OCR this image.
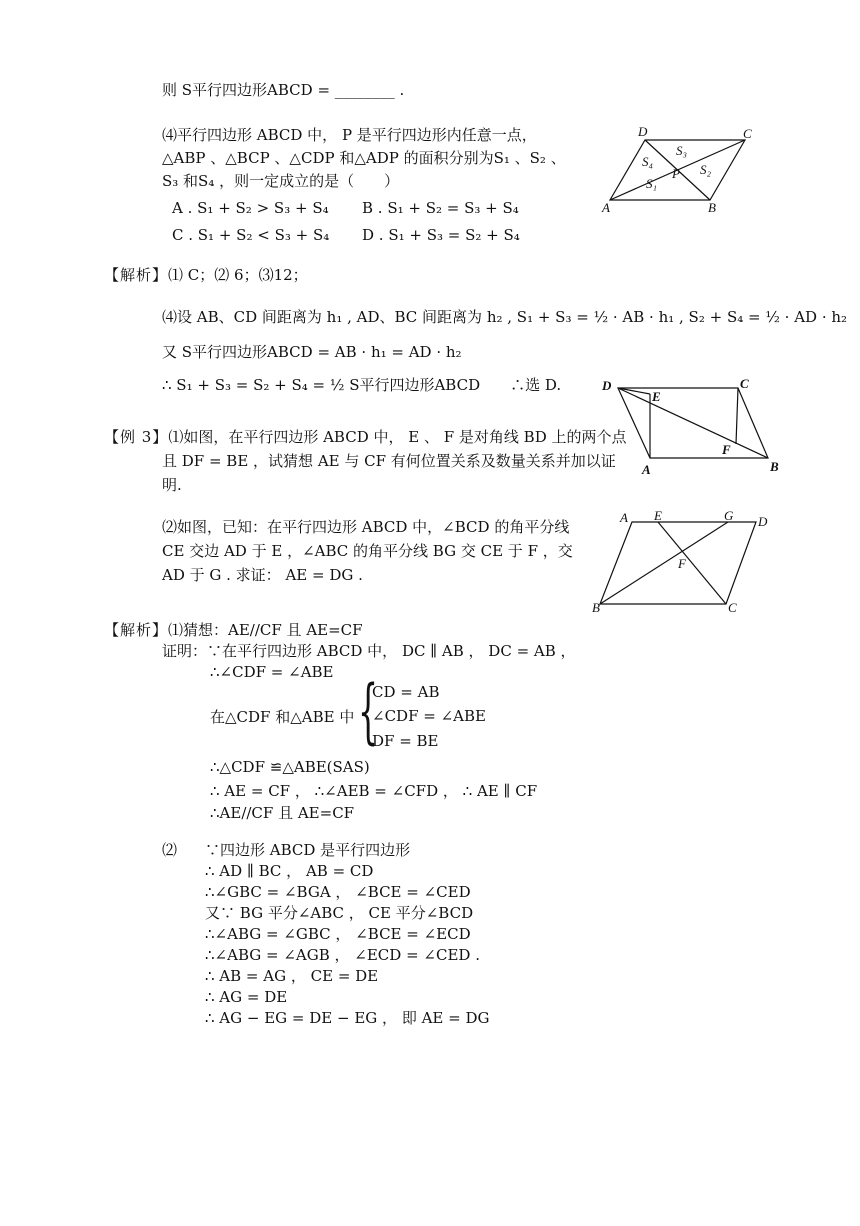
则 S平行四边形ABCD = ________ .
⑷平行四边形 ABCD 中， P 是平行四边形内任意一点，
△ABP 、△BCP 、△CDP 和△ADP 的面积分别为S₁ 、S₂ 、
S₃ 和S₄ ，则一定成立的是（　　）
A . S₁ + S₂ > S₃ + S₄ B . S₁ + S₂ = S₃ + S₄
C . S₁ + S₂ < S₃ + S₄ D . S₁ + S₃ = S₂ + S₄
D	C
A	B
P
S₄
S₃
S₂
S₁
【解析】⑴ C；⑵ 6；⑶12；
⑷设 AB、CD 间距离为 h₁ , AD、BC 间距离为 h₂ , S₁ + S₃ = ½ · AB · h₁ , S₂ + S₄ = ½ · AD · h₂
又 S平行四边形ABCD = AB · h₁ = AD · h₂
∴ S₁ + S₃ = S₂ + S₄ = ½ S平行四边形ABCD　　∴选 D.
【例 3】⑴如图，在平行四边形 ABCD 中， E 、 F 是对角线 BD 上的两个点
且 DF = BE ，试猜想 AE 与 CF 有何位置关系及数量关系并加以证
明.
D	C
E
F
A	B
⑵如图，已知：在平行四边形 ABCD 中，∠BCD 的角平分线
CE 交边 AD 于 E ，∠ABC 的角平分线 BG 交 CE 于 F ，交
AD 于 G . 求证： AE = DG .
A E	G D
F
B	C
【解析】⑴猜想：AE//CF 且 AE=CF
证明：∵在平行四边形 ABCD 中， DC ∥ AB ， DC = AB ，
∴∠CDF = ∠ABE
在△CDF 和△ABE 中 {
CD = AB
∠CDF = ∠ABE
DF = BE
∴△CDF ≌△ABE(SAS)
∴ AE = CF ， ∴∠AEB = ∠CFD ， ∴ AE ∥ CF
∴AE//CF 且 AE=CF
⑵ ∵四边形 ABCD 是平行四边形
∴ AD ∥ BC ， AB = CD
∴∠GBC = ∠BGA ， ∠BCE = ∠CED
又∵ BG 平分∠ABC ， CE 平分∠BCD
∴∠ABG = ∠GBC ， ∠BCE = ∠ECD
∴∠ABG = ∠AGB ， ∠ECD = ∠CED .
∴ AB = AG ， CE = DE
∴ AG = DE
∴ AG − EG = DE − EG ， 即 AE = DG
